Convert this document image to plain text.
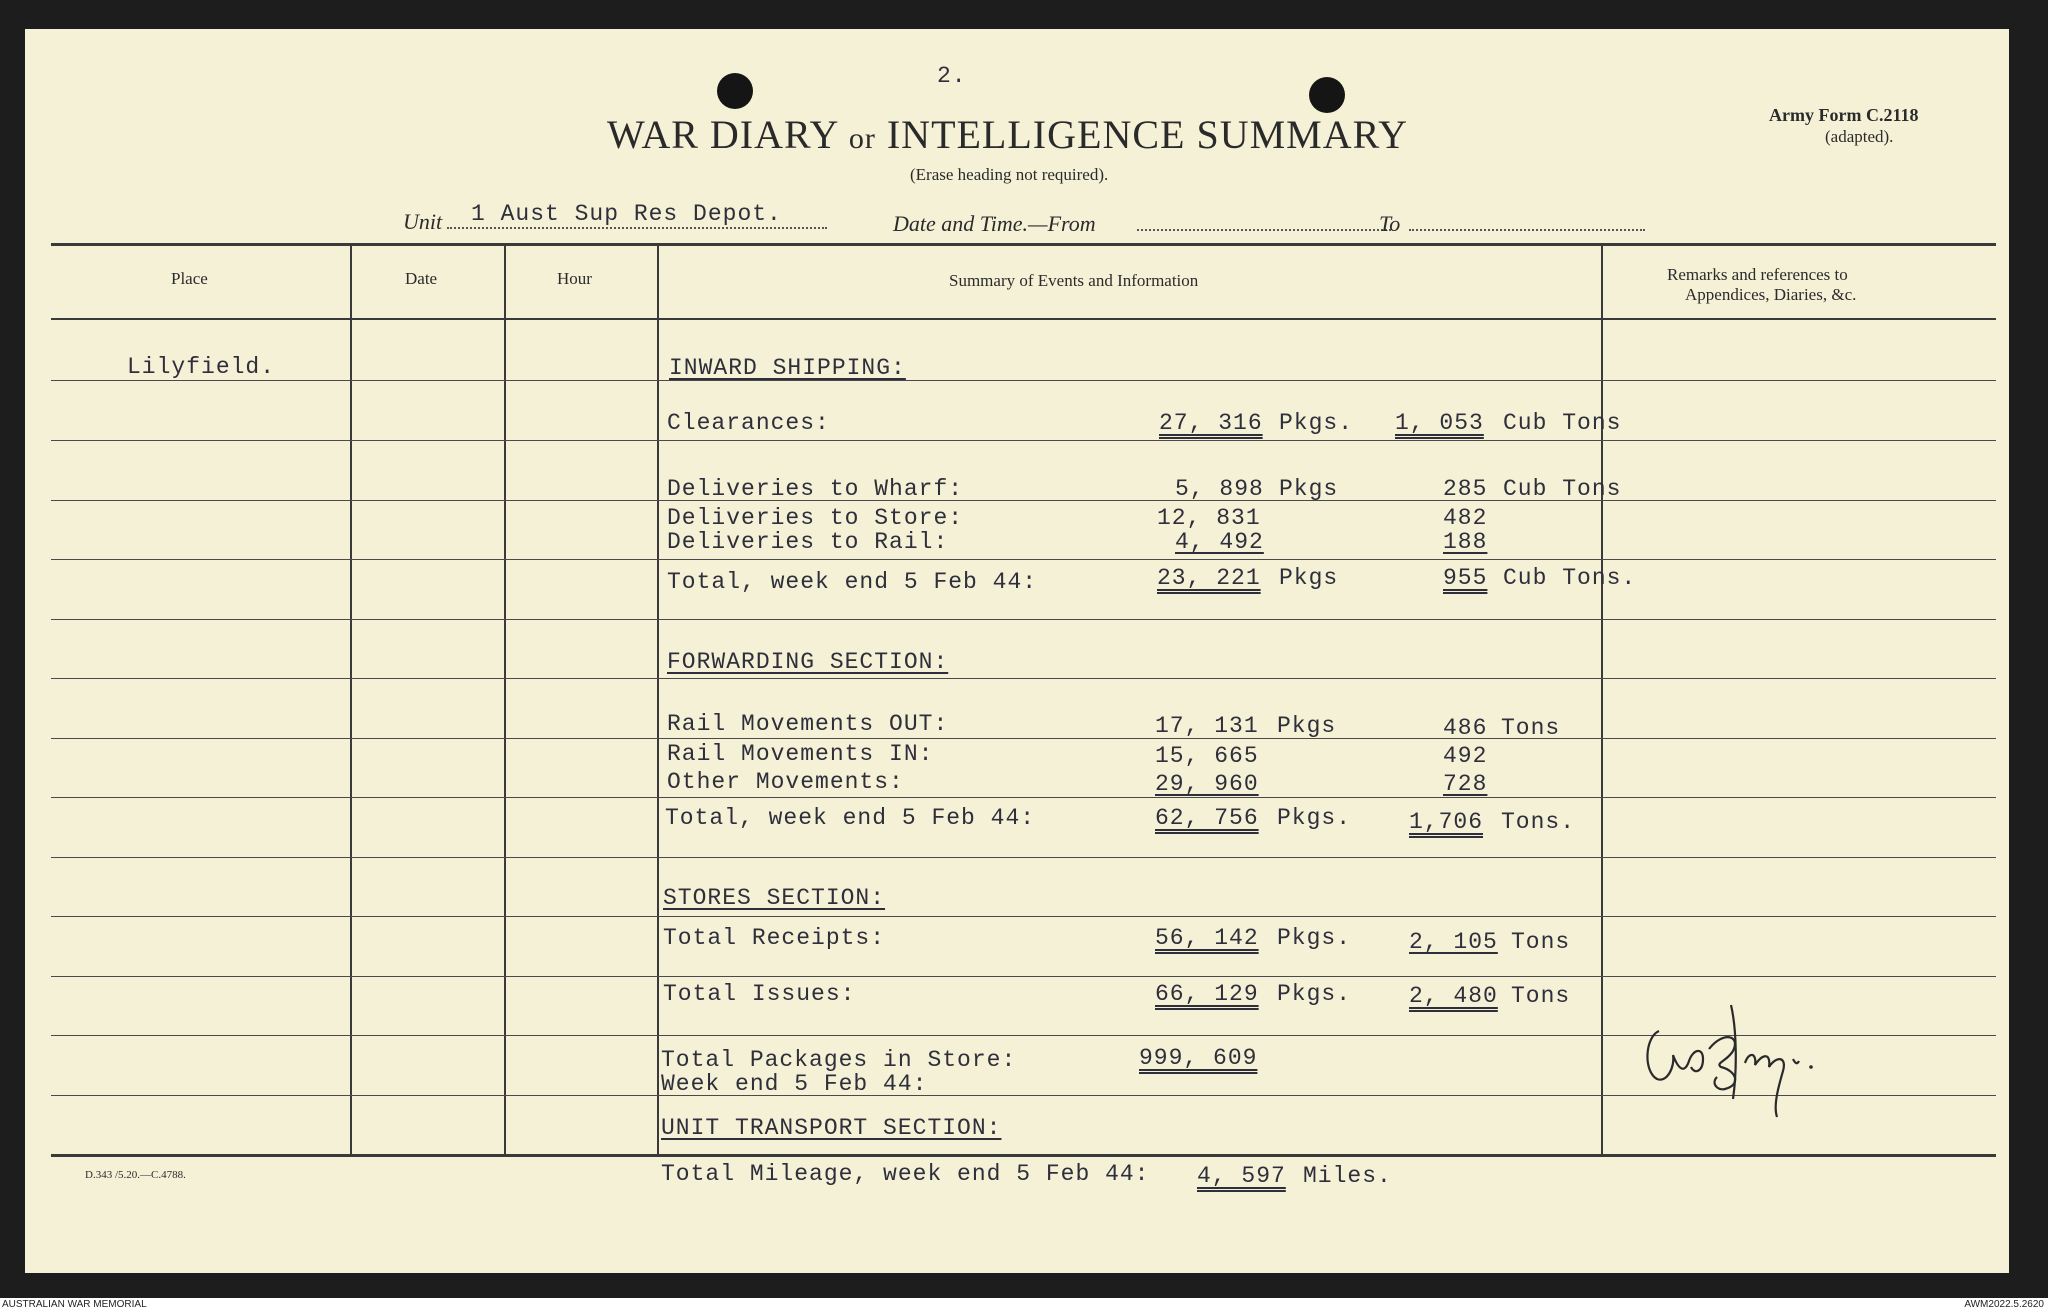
2.
WAR DIARY or INTELLIGENCE SUMMARY
(Erase heading not required).
Army Form C.2118
(adapted).
Unit 1 Aust Sup Res Depot.	Date and Time.—From	To
Place	Date	Hour	Summary of Events and Information	Remarks and references to
Appendices, Diaries, &c.
Lilyfield.	INWARD SHIPPING:
Clearances:	27, 316 Pkgs. 1, 053 Cub Tons
Deliveries to Wharf:	5, 898 Pkgs	285 Cub Tons
Deliveries to Store:	12, 831	482
Deliveries to Rail:	4, 492	188
Total, week end 5 Feb 44:	23, 221 Pkgs	955 Cub Tons.
FORWARDING SECTION:
Rail Movements OUT:	17, 131 Pkgs	486 Tons
Rail Movements IN:	15, 665	492
Other Movements:	29, 960	728
Total, week end 5 Feb 44:	62, 756 Pkgs.	1,706 Tons.
STORES SECTION:
Total Receipts:	56, 142 Pkgs.	2, 105 Tons
Total Issues:	66, 129 Pkgs.	2, 480 Tons
Total Packages in Store:
Week end 5 Feb 44:
999, 609
UNIT TRANSPORT SECTION:
Total Mileage, week end 5 Feb 44: 4, 597 Miles.
D.343 /5.20.—C.4788.
AUSTRALIAN WAR MEMORIAL	AWM2022.5.2620
